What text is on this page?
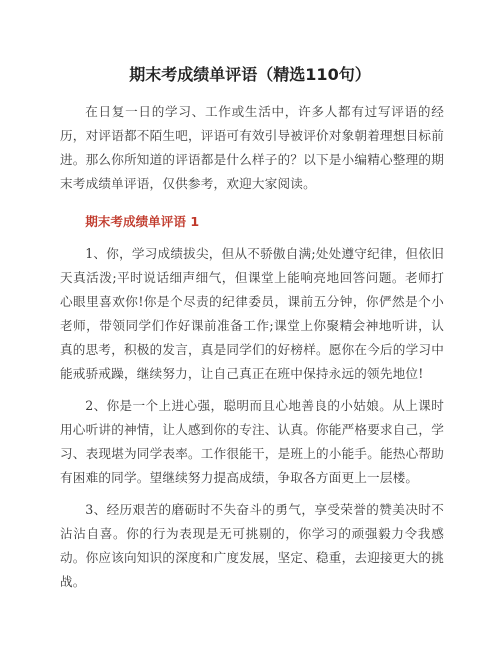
期末考成绩单评语（精选110句）

在日复一日的学习、工作或生活中，许多人都有过写评语的经历，对评语都不陌生吧，评语可有效引导被评价对象朝着理想目标前进。那么你所知道的评语都是什么样子的？以下是小编精心整理的期末考成绩单评语，仅供参考，欢迎大家阅读。

期末考成绩单评语 1

1、你，学习成绩拔尖，但从不骄傲自满;处处遵守纪律，但依旧天真活泼;平时说话细声细气，但课堂上能响亮地回答问题。老师打心眼里喜欢你!你是个尽责的纪律委员，课前五分钟，你俨然是个小老师，带领同学们作好课前准备工作;课堂上你聚精会神地听讲，认真的思考，积极的发言，真是同学们的好榜样。愿你在今后的学习中能戒骄戒躁，继续努力，让自己真正在班中保持永远的领先地位!

2、你是一个上进心强，聪明而且心地善良的小姑娘。从上课时用心听讲的神情，让人感到你的专注、认真。你能严格要求自己，学习、表现堪为同学表率。工作很能干，是班上的小能手。能热心帮助有困难的同学。望继续努力提高成绩，争取各方面更上一层楼。

3、经历艰苦的磨砺时不失奋斗的勇气，享受荣誉的赞美决时不沾沾自喜。你的行为表现是无可挑剔的，你学习的顽强毅力令我感动。你应该向知识的深度和广度发展，坚定、稳重，去迎接更大的挑战。
